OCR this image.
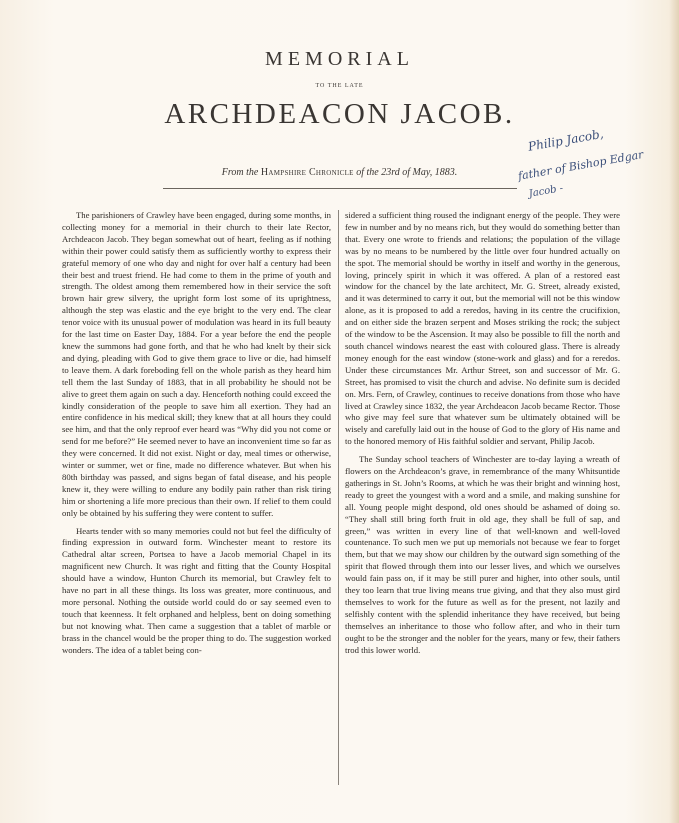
MEMORIAL
TO THE LATE
ARCHDEACON JACOB.
From the Hampshire Chronicle of the 23rd of May, 1883.
Philip Jacob,
father of Bishop Edgar
Jacob -

The parishioners of Crawley have been engaged, during some months, in collecting money for a memorial in their church to their late Rector, Archdeacon Jacob. They began somewhat out of heart, feeling as if nothing within their power could satisfy them as sufficiently worthy to express their grateful memory of one who day and night for over half a century had been their best and truest friend. He had come to them in the prime of youth and strength. The oldest among them remembered how in their service the soft brown hair grew silvery, the upright form lost some of its uprightness, although the step was elastic and the eye bright to the very end. The clear tenor voice with its unusual power of modulation was heard in its full beauty for the last time on Easter Day, 1884. For a year before the end the people knew the summons had gone forth, and that he who had knelt by their sick and dying, pleading with God to give them grace to live or die, had himself to leave them. A dark foreboding fell on the whole parish as they heard him tell them the last Sunday of 1883, that in all probability he should not be alive to greet them again on such a day. Henceforth nothing could exceed the kindly consideration of the people to save him all exertion. They had an entire confidence in his medical skill; they knew that at all hours they could see him, and that the only reproof ever heard was “Why did you not come or send for me before?” He seemed never to have an inconvenient time so far as they were concerned. It did not exist. Night or day, meal times or otherwise, winter or summer, wet or fine, made no difference whatever. But when his 80th birthday was passed, and signs began of fatal disease, and his people knew it, they were willing to endure any bodily pain rather than risk tiring him or shortening a life more precious than their own. If relief to them could only be obtained by his suffering they were content to suffer.

Hearts tender with so many memories could not but feel the difficulty of finding expression in outward form. Winchester meant to restore its Cathedral altar screen, Portsea to have a Jacob memorial Chapel in its magnificent new Church. It was right and fitting that the County Hospital should have a window, Hunton Church its memorial, but Crawley felt to have no part in all these things. Its loss was greater, more continuous, and more personal. Nothing the outside world could do or say seemed even to touch that keenness. It felt orphaned and helpless, bent on doing something but not knowing what. Then came a suggestion that a tablet of marble or brass in the chancel would be the proper thing to do. The suggestion worked wonders. The idea of a tablet being con-

sidered a sufficient thing roused the indignant energy of the people. They were few in number and by no means rich, but they would do something better than that. Every one wrote to friends and relations; the population of the village was by no means to be numbered by the little over four hundred actually on the spot. The memorial should be worthy in itself and worthy in the generous, loving, princely spirit in which it was offered. A plan of a restored east window for the chancel by the late architect, Mr. G. Street, already existed, and it was determined to carry it out, but the memorial will not be this window alone, as it is proposed to add a reredos, having in its centre the crucifixion, and on either side the brazen serpent and Moses striking the rock; the subject of the window to be the Ascension. It may also be possible to fill the north and south chancel windows nearest the east with coloured glass. There is already money enough for the east window (stone-work and glass) and for a reredos. Under these circumstances Mr. Arthur Street, son and successor of Mr. G. Street, has promised to visit the church and advise. No definite sum is decided on. Mrs. Fern, of Crawley, continues to receive donations from those who have lived at Crawley since 1832, the year Archdeacon Jacob became Rector. Those who give may feel sure that whatever sum be ultimately obtained will be wisely and carefully laid out in the house of God to the glory of His name and to the honored memory of His faithful soldier and servant, Philip Jacob.

The Sunday school teachers of Winchester are to-day laying a wreath of flowers on the Archdeacon’s grave, in remembrance of the many Whitsuntide gatherings in St. John’s Rooms, at which he was their bright and winning host, ready to greet the youngest with a word and a smile, and making sunshine for all. Young people might despond, old ones should be ashamed of doing so. “They shall still bring forth fruit in old age, they shall be full of sap, and green,” was written in every line of that well-known and well-loved countenance. To such men we put up memorials not because we fear to forget them, but that we may show our children by the outward sign something of the spirit that flowed through them into our lesser lives, and which we ourselves would fain pass on, if it may be still purer and higher, into other souls, until they too learn that true living means true giving, and that they also must gird themselves to work for the future as well as for the present, not lazily and selfishly content with the splendid inheritance they have received, but being themselves an inheritance to those who follow after, and who in their turn ought to be the stronger and the nobler for the years, many or few, their fathers trod this lower world.
